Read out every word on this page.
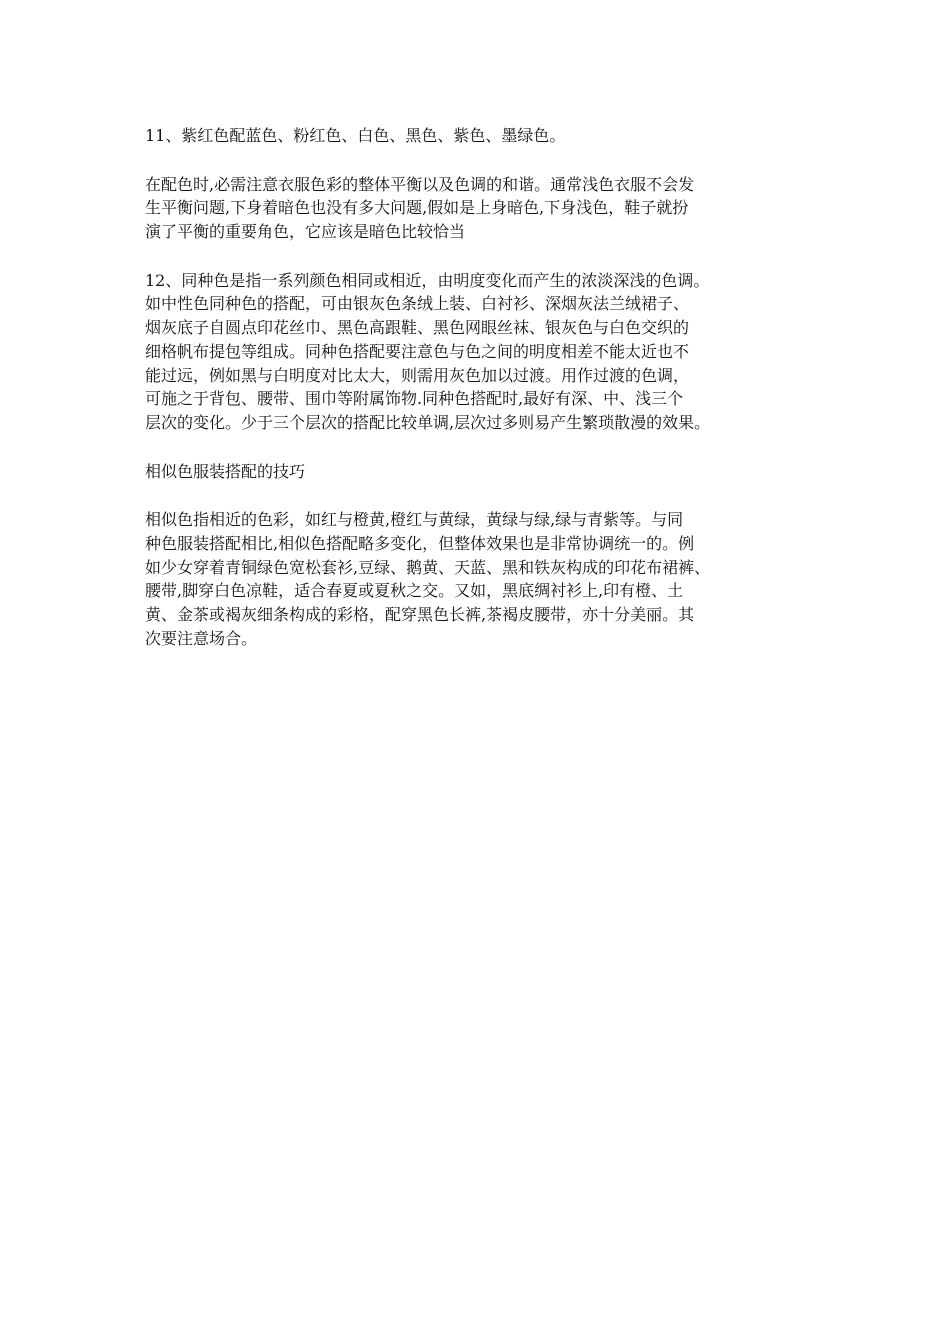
11、紫红色配蓝色、粉红色、白色、黑色、紫色、墨绿色。

在配色时,必需注意衣服色彩的整体平衡以及色调的和谐。通常浅色衣服不会发
生平衡问题,下身着暗色也没有多大问题,假如是上身暗色,下身浅色，鞋子就扮
演了平衡的重要角色，它应该是暗色比较恰当

12、同种色是指一系列颜色相同或相近，由明度变化而产生的浓淡深浅的色调。
如中性色同种色的搭配，可由银灰色条绒上装、白衬衫、深烟灰法兰绒裙子、
烟灰底子自圆点印花丝巾、黑色高跟鞋、黑色网眼丝袜、银灰色与白色交织的
细格帆布提包等组成。同种色搭配要注意色与色之间的明度相差不能太近也不
能过远，例如黑与白明度对比太大，则需用灰色加以过渡。用作过渡的色调，
可施之于背包、腰带、围巾等附属饰物.同种色搭配时,最好有深、中、浅三个
层次的变化。少于三个层次的搭配比较单调,层次过多则易产生繁琐散漫的效果。

相似色服装搭配的技巧

相似色指相近的色彩，如红与橙黄,橙红与黄绿，黄绿与绿,绿与青紫等。与同
种色服装搭配相比,相似色搭配略多变化，但整体效果也是非常协调统一的。例
如少女穿着青铜绿色宽松套衫,豆绿、鹅黄、天蓝、黑和铁灰构成的印花布裙裤、
腰带,脚穿白色凉鞋，适合春夏或夏秋之交。又如，黑底绸衬衫上,印有橙、土
黄、金茶或褐灰细条构成的彩格，配穿黑色长裤,茶褐皮腰带，亦十分美丽。其
次要注意场合。
